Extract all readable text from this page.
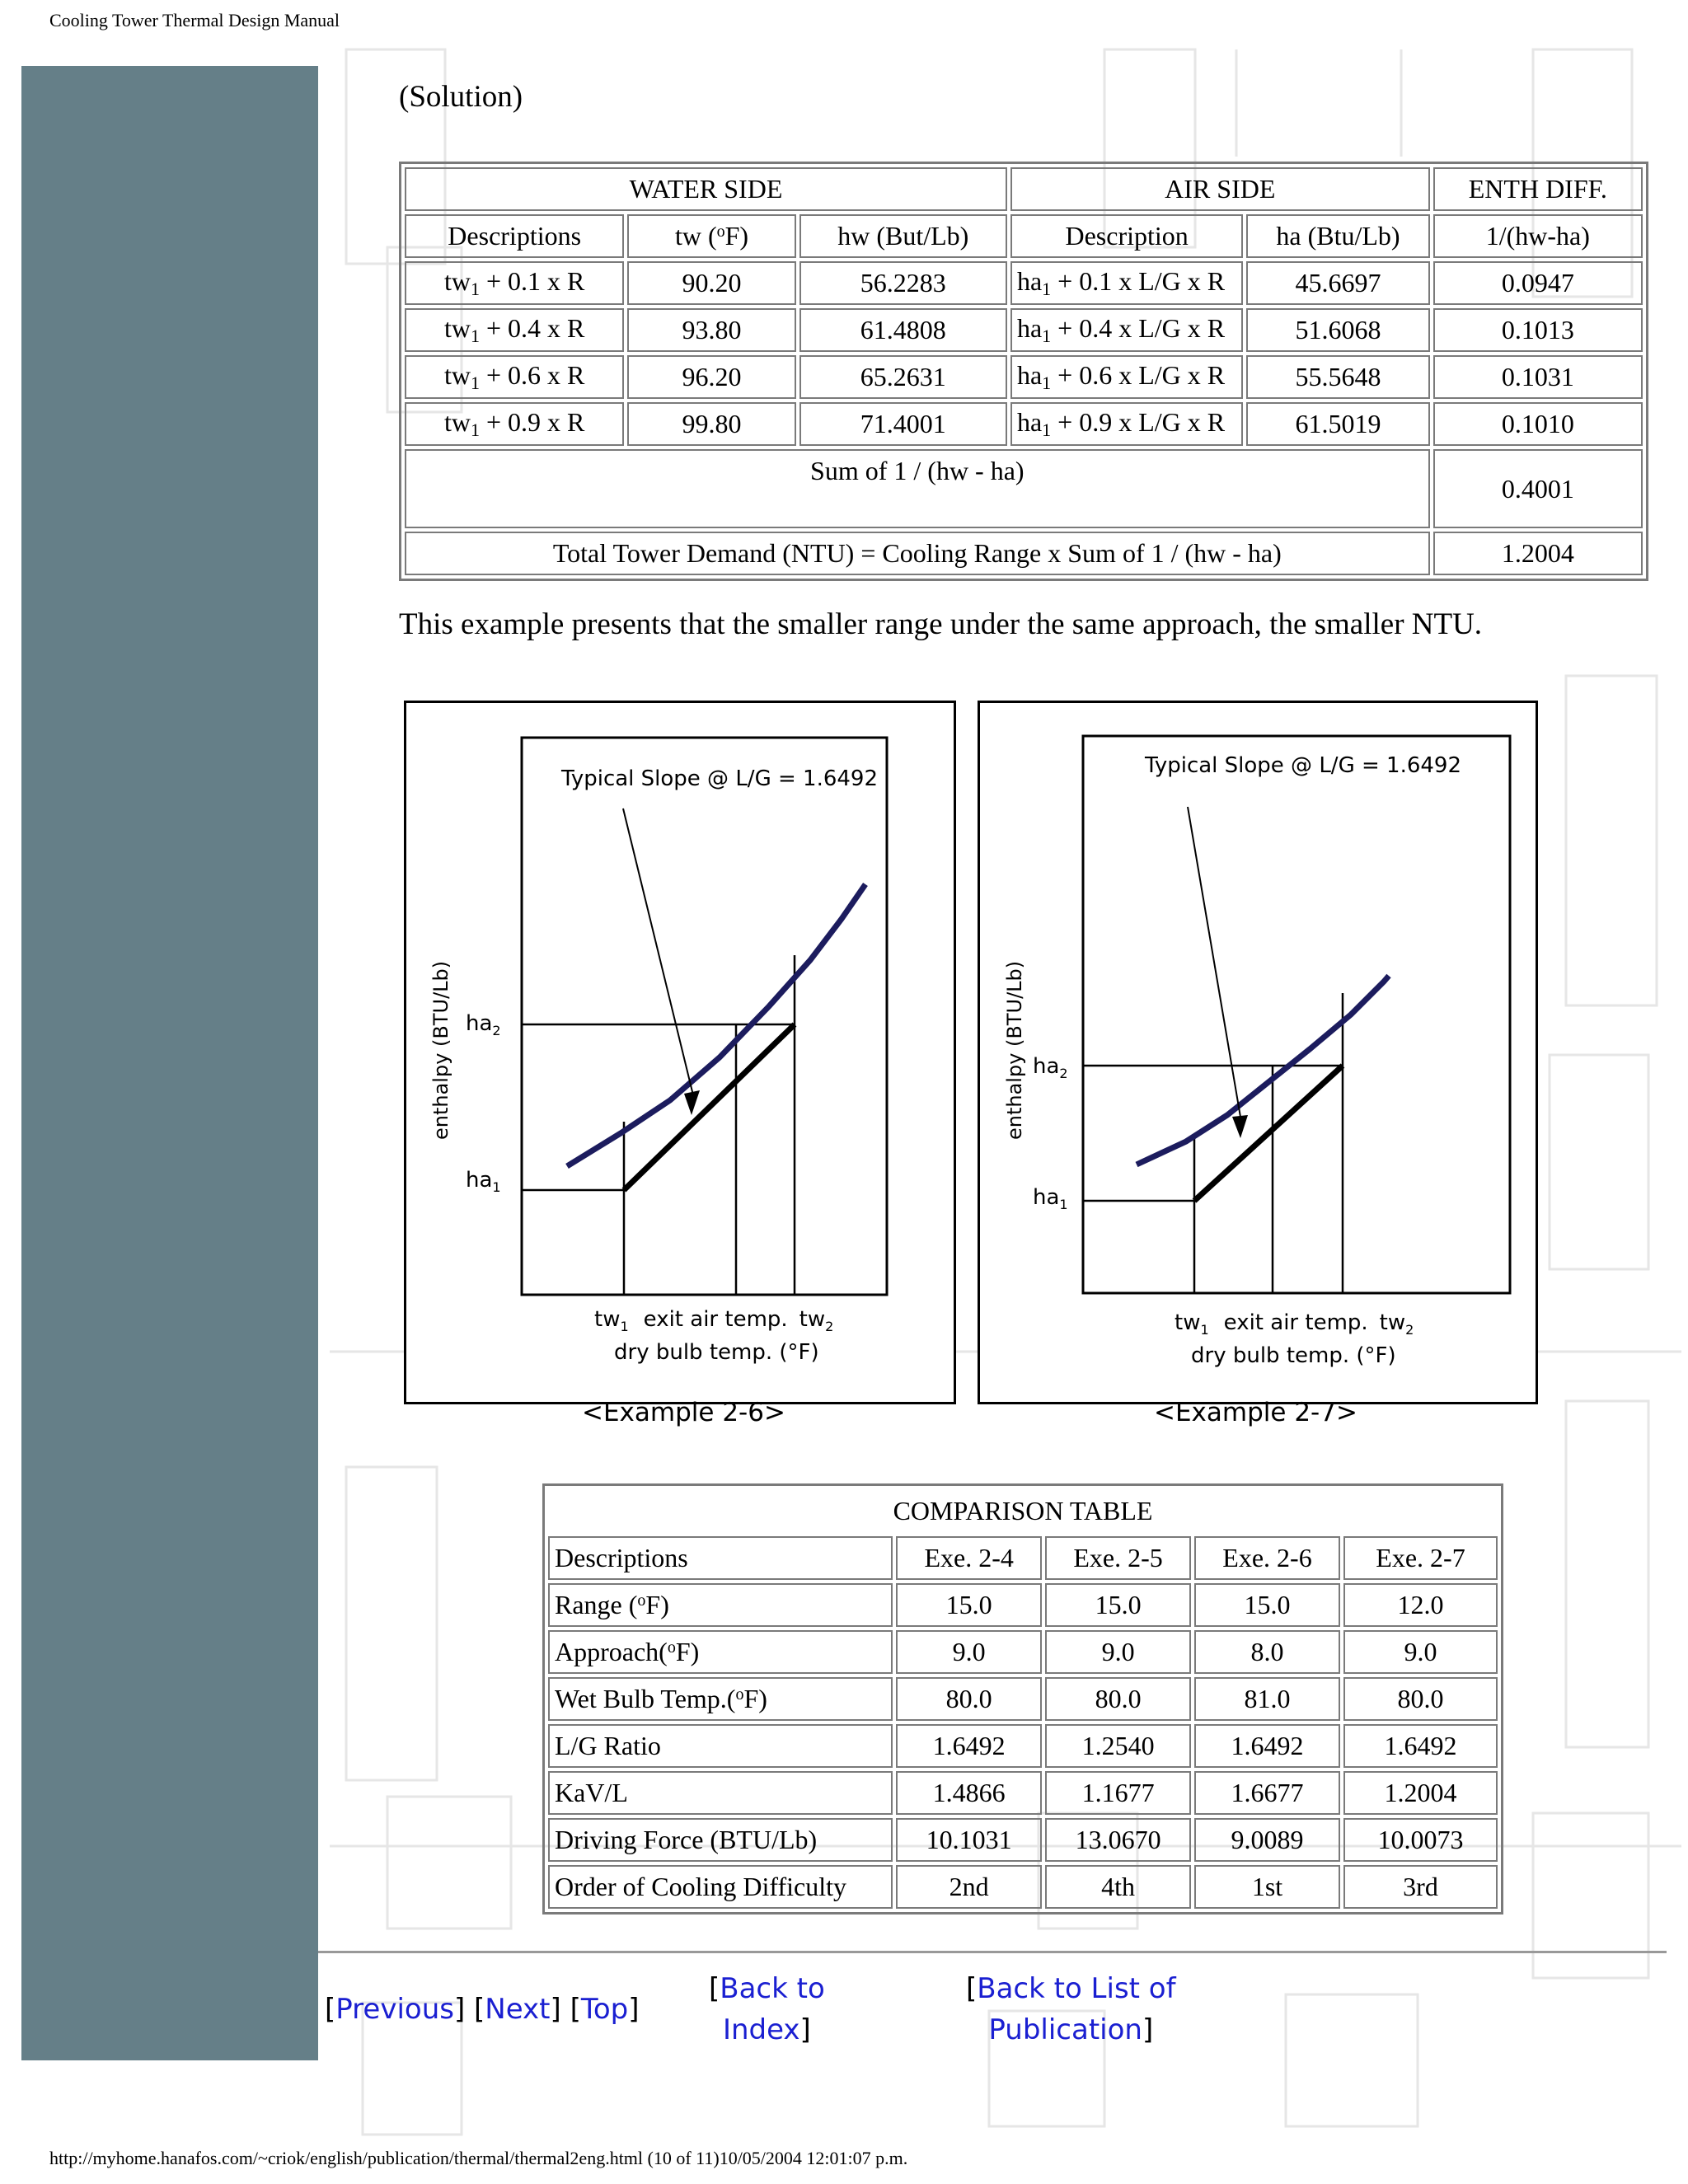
Cooling Tower Thermal Design Manual
(Solution)
WATER SIDE			AIR SIDE		ENTH DIFF.
Descriptions	tw ($^o$F)	hw (But/Lb)	Description	ha (Btu/Lb)	1/(hw-ha)
$tw_1 + 0.1$ x R	90.20	56.2283	$ha_1 + 0.1$ x L/G x R	45.6697	0.0947
$tw_1 + 0.4$ x R	93.80	61.4808	$ha_1 + 0.4$ x L/G x R	51.6068	0.1013
$tw_1 + 0.6$ x R	96.20	65.2631	$ha_1 + 0.6$ x L/G x R	55.5648	0.1031
$tw_1 + 0.9$ x R	99.80	71.4001	$ha_1 + 0.9$ x L/G x R	61.5019	0.1010
Sum of 1 / (hw - ha)					0.4001
Total Tower Demand (NTU) = Cooling Range x Sum of 1 / (hw - ha)					1.2004
This example presents that the smaller range under the same approach, the smaller NTU.
Typical Slope @ L/G = 1.6492
enthalpy (BTU/Lb) $ha_2$
$ha_1$
$tw_1$ exit air temp. $tw_2$
dry bulb temp. (°F)
<Example 2-6>
Typical Slope @ L/G = 1.6492
enthalpy (BTU/Lb) $ha_2$
$ha_1$
$tw_1$ exit air temp. $tw_2$
dry bulb temp. (°F)
<Example 2-7>
COMPARISON TABLE				
Descriptions	Exe. 2-4	Exe. 2-5	Exe. 2-6	Exe. 2-7
Range ($^o$F)	15.0	15.0	15.0	12.0
Approach($^o$F)	9.0	9.0	8.0	9.0
Wet Bulb Temp.($^o$F)	80.0	80.0	81.0	80.0
L/G Ratio	1.6492	1.2540	1.6492	1.6492
KaV/L	1.4866	1.1677	1.6677	1.2004
Driving Force (BTU/Lb)	10.1031	13.0670	9.0089	10.0073
Order of Cooling Difficulty	2nd	4th	1st	3rd
[Previous] [Next] [Top]
[Back to
Index]
[Back to List of
Publication]
http://myhome.hanafos.com/~criok/english/publication/thermal/thermal2eng.html (10 of 11)10/05/2004 12:01:07 p.m.
